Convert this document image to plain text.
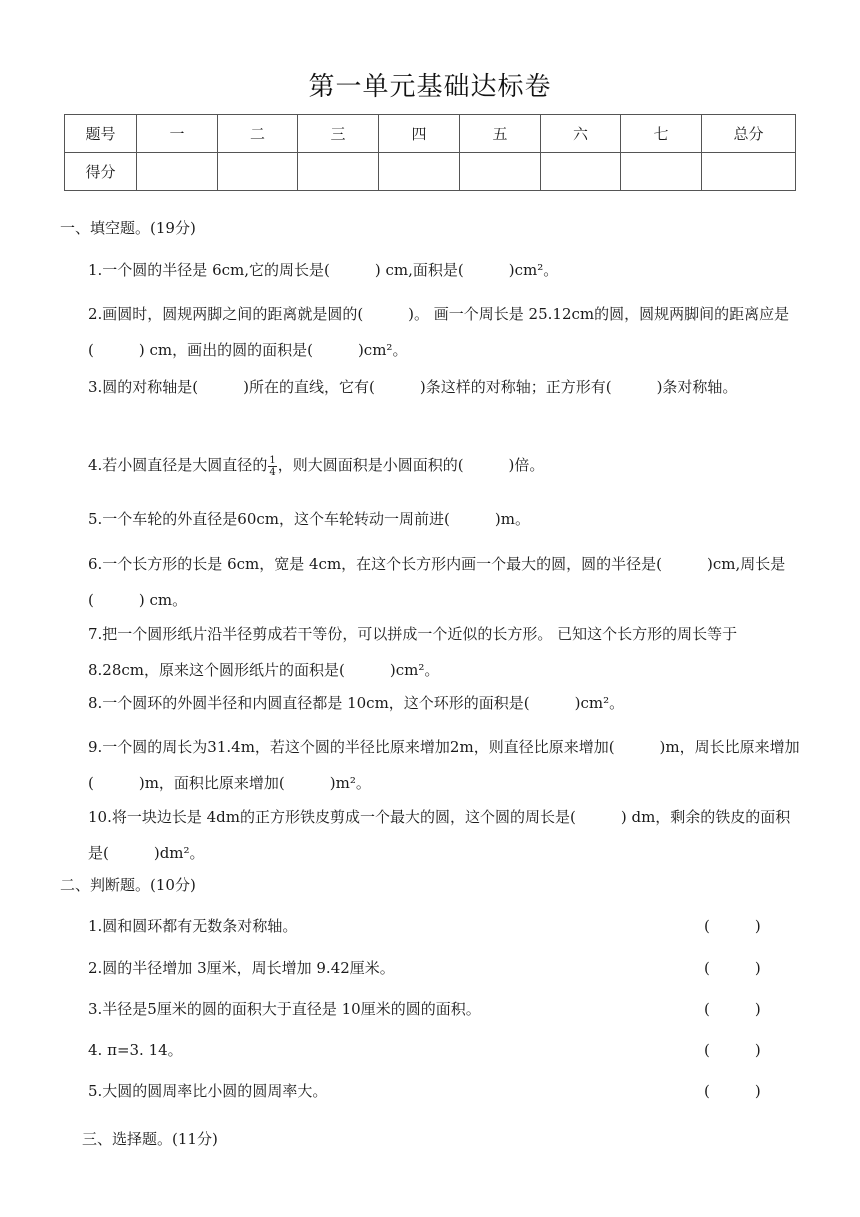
第一单元基础达标卷
题号	一	二	三	四	五	六	七	总分
得分								
一、填空题。(19分)
1.一个圆的半径是 6cm,它的周长是(　　　) cm,面积是(　　　)cm²。
2.画圆时，圆规两脚之间的距离就是圆的(　　　)。 画一个周长是 25.12cm的圆，圆规两脚间的距离应是(　　　) cm，画出的圆的面积是(　　　)cm²。
3.圆的对称轴是(　　　)所在的直线，它有(　　　)条这样的对称轴；正方形有(　　　)条对称轴。
4.若小圆直径是大圆直径的 $\frac{1}{4}$ ，则大圆面积是小圆面积的(　　　)倍。
5.一个车轮的外直径是60cm，这个车轮转动一周前进(　　　)m。
6.一个长方形的长是 6cm，宽是 4cm，在这个长方形内画一个最大的圆，圆的半径是(　　　)cm,周长是(　　　) cm。
7.把一个圆形纸片沿半径剪成若干等份，可以拼成一个近似的长方形。 已知这个长方形的周长等于 8.28cm，原来这个圆形纸片的面积是(　　　)cm²。
8.一个圆环的外圆半径和内圆直径都是 10cm，这个环形的面积是(　　　)cm²。
9.一个圆的周长为31.4m，若这个圆的半径比原来增加2m，则直径比原来增加(　　　)m，周长比原来增加(　　　)m，面积比原来增加(　　　)m²。
10.将一块边长是 4dm的正方形铁皮剪成一个最大的圆，这个圆的周长是(　　　) dm，剩余的铁皮的面积是(　　　)dm²。
二、判断题。(10分)
1.圆和圆环都有无数条对称轴。	(　　　)
2.圆的半径增加 3厘米，周长增加 9.42厘米。	(　　　)
3.半径是5厘米的圆的面积大于直径是 10厘米的圆的面积。	(　　　)
4. π=3. 14。	(　　　)
5.大圆的圆周率比小圆的圆周率大。	(　　　)
三、选择题。(11分)
